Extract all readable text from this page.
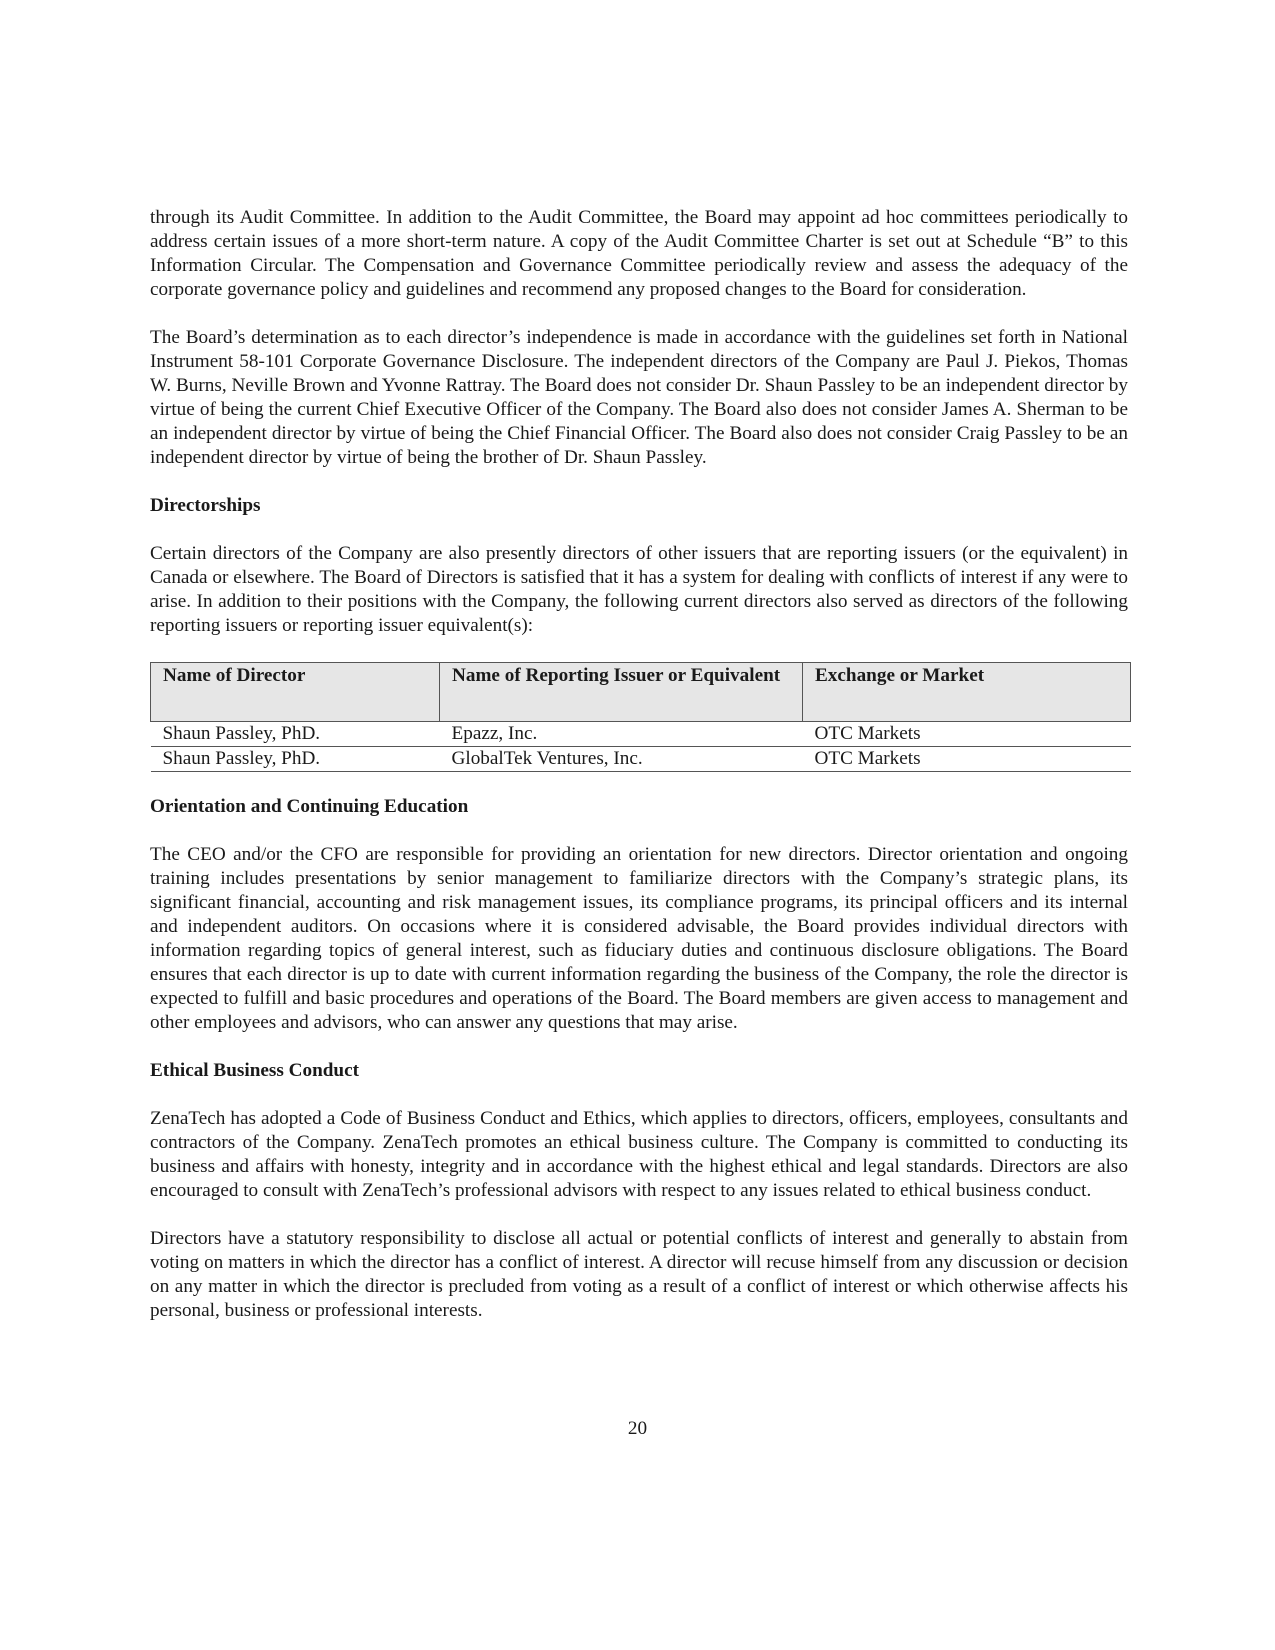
through its Audit Committee. In addition to the Audit Committee, the Board may appoint ad hoc committees periodically to address certain issues of a more short-term nature. A copy of the Audit Committee Charter is set out at Schedule “B” to this Information Circular. The Compensation and Governance Committee periodically review and assess the adequacy of the corporate governance policy and guidelines and recommend any proposed changes to the Board for consideration.

The Board’s determination as to each director’s independence is made in accordance with the guidelines set forth in National Instrument 58-101 Corporate Governance Disclosure. The independent directors of the Company are Paul J. Piekos, Thomas W. Burns, Neville Brown and Yvonne Rattray. The Board does not consider Dr. Shaun Passley to be an independent director by virtue of being the current Chief Executive Officer of the Company. The Board also does not consider James A. Sherman to be an independent director by virtue of being the Chief Financial Officer. The Board also does not consider Craig Passley to be an independent director by virtue of being the brother of Dr. Shaun Passley.

Directorships

Certain directors of the Company are also presently directors of other issuers that are reporting issuers (or the equivalent) in Canada or elsewhere. The Board of Directors is satisfied that it has a system for dealing with conflicts of interest if any were to arise. In addition to their positions with the Company, the following current directors also served as directors of the following reporting issuers or reporting issuer equivalent(s):

Name of Director	Name of Reporting Issuer or Equivalent	Exchange or Market
Shaun Passley, PhD.	Epazz, Inc.	OTC Markets
Shaun Passley, PhD.	GlobalTek Ventures, Inc.	OTC Markets
Orientation and Continuing Education

The CEO and/or the CFO are responsible for providing an orientation for new directors. Director orientation and ongoing training includes presentations by senior management to familiarize directors with the Company’s strategic plans, its significant financial, accounting and risk management issues, its compliance programs, its principal officers and its internal and independent auditors. On occasions where it is considered advisable, the Board provides individual directors with information regarding topics of general interest, such as fiduciary duties and continuous disclosure obligations. The Board ensures that each director is up to date with current information regarding the business of the Company, the role the director is expected to fulfill and basic procedures and operations of the Board. The Board members are given access to management and other employees and advisors, who can answer any questions that may arise.

Ethical Business Conduct

ZenaTech has adopted a Code of Business Conduct and Ethics, which applies to directors, officers, employees, consultants and contractors of the Company. ZenaTech promotes an ethical business culture. The Company is committed to conducting its business and affairs with honesty, integrity and in accordance with the highest ethical and legal standards. Directors are also encouraged to consult with ZenaTech’s professional advisors with respect to any issues related to ethical business conduct.

Directors have a statutory responsibility to disclose all actual or potential conflicts of interest and generally to abstain from voting on matters in which the director has a conflict of interest. A director will recuse himself from any discussion or decision on any matter in which the director is precluded from voting as a result of a conflict of interest or which otherwise affects his personal, business or professional interests.

20
